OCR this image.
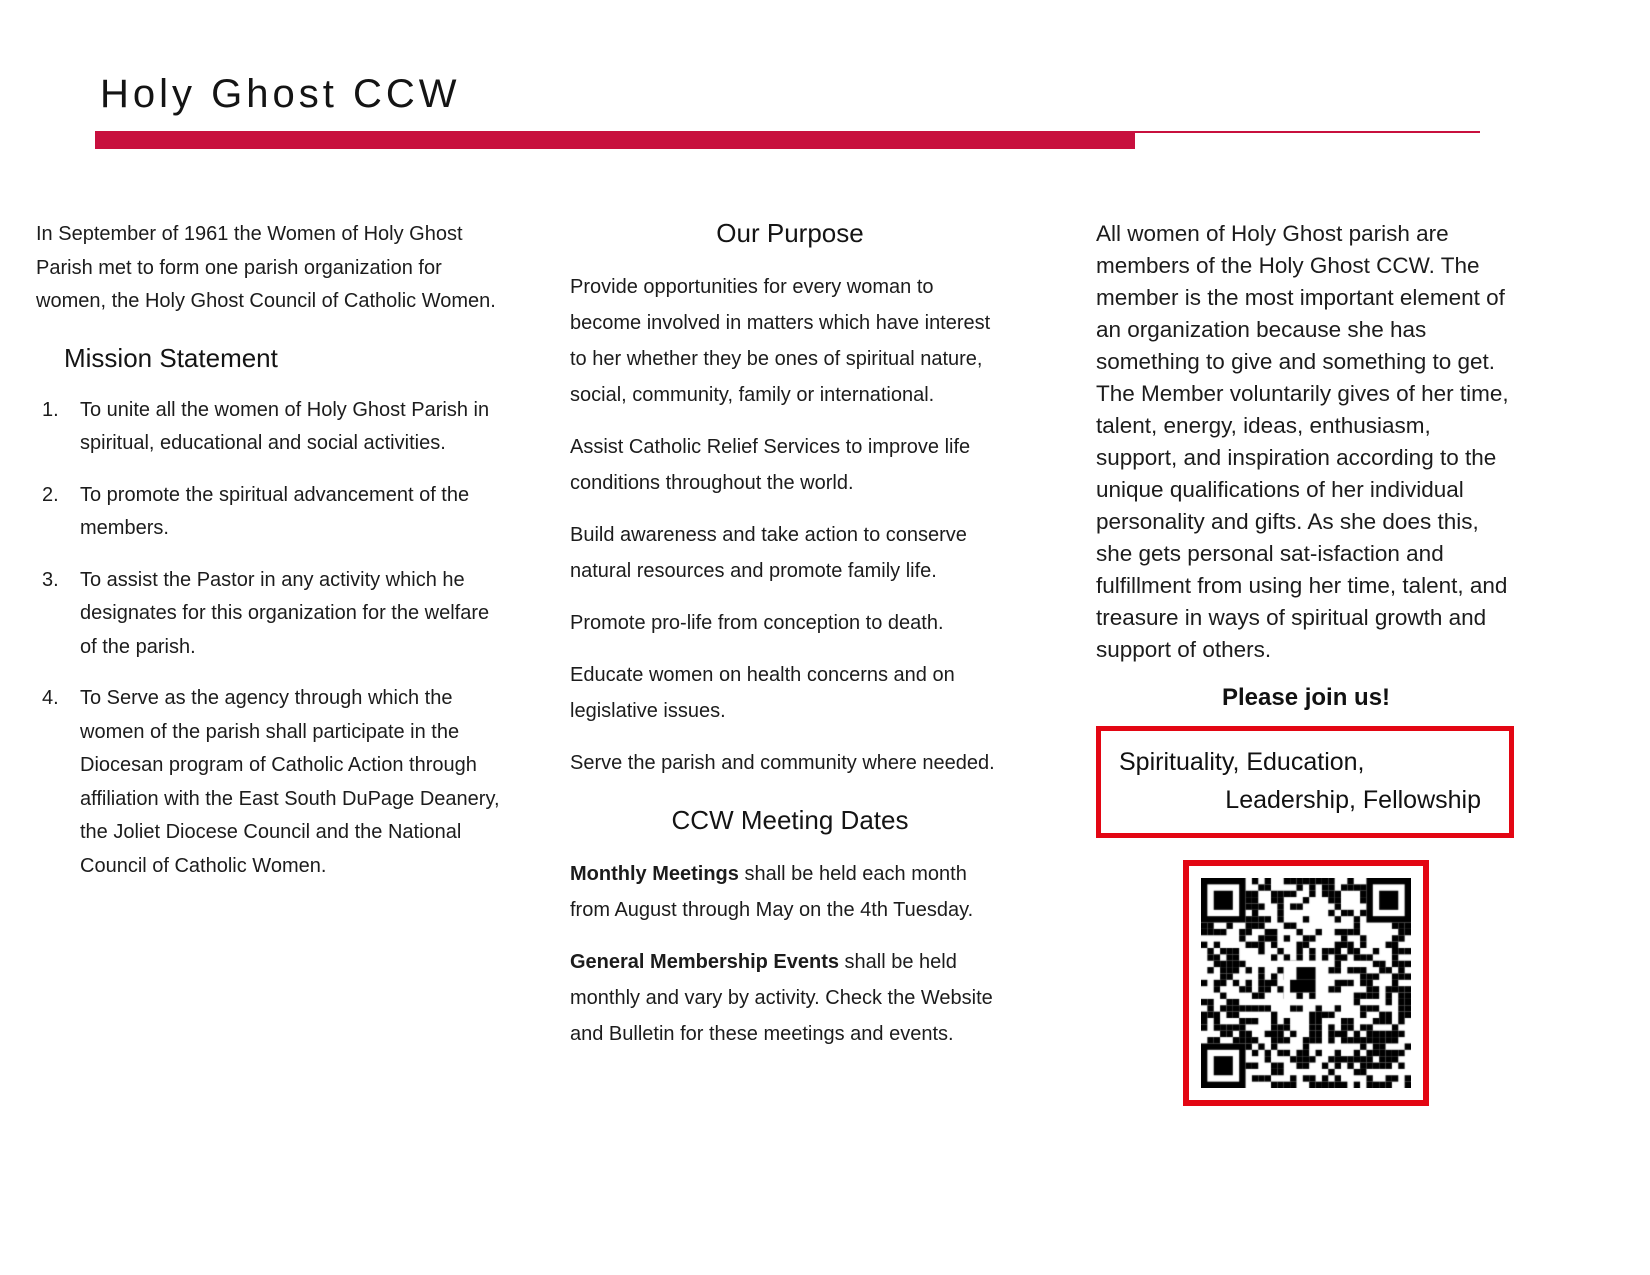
Holy Ghost CCW

In September of 1961 the Women of Holy Ghost Parish met to form one parish organization for women, the Holy Ghost Council of Catholic Women.

Mission Statement
To unite all the women of Holy Ghost Parish in spiritual, educational and social activities.
To promote the spiritual advancement of the members.
To assist the Pastor in any activity which he designates for this organization for the welfare of the parish.
To Serve as the agency through which the women of the parish shall participate in the Diocesan program of Catholic Action through affiliation with the East South DuPage Deanery, the Joliet Diocese Council and the National Council of Catholic Women.
Our Purpose

Provide opportunities for every woman to become involved in matters which have interest to her whether they be ones of spiritual nature, social, community, family or international.

Assist Catholic Relief Services to improve life conditions throughout the world.

Build awareness and take action to conserve natural resources and promote family life.

Promote pro-life from conception to death.

Educate women on health concerns and on legislative issues.

Serve the parish and community where needed.

CCW Meeting Dates

Monthly Meetings shall be held each month from August through May on the 4th Tuesday.

General Membership Events shall be held monthly and vary by activity. Check the Website and Bulletin for these meetings and events.

All women of Holy Ghost parish are members of the Holy Ghost CCW. The member is the most important element of an organization because she has something to give and something to get. The Member voluntarily gives of her time, talent, energy, ideas, enthusiasm, support, and inspiration according to the unique qualifications of her individual personality and gifts. As she does this, she gets personal sat-isfaction and fulfillment from using her time, talent, and treasure in ways of spiritual growth and support of others.

Please join us!
Spirituality, Education,
Leadership, Fellowship
